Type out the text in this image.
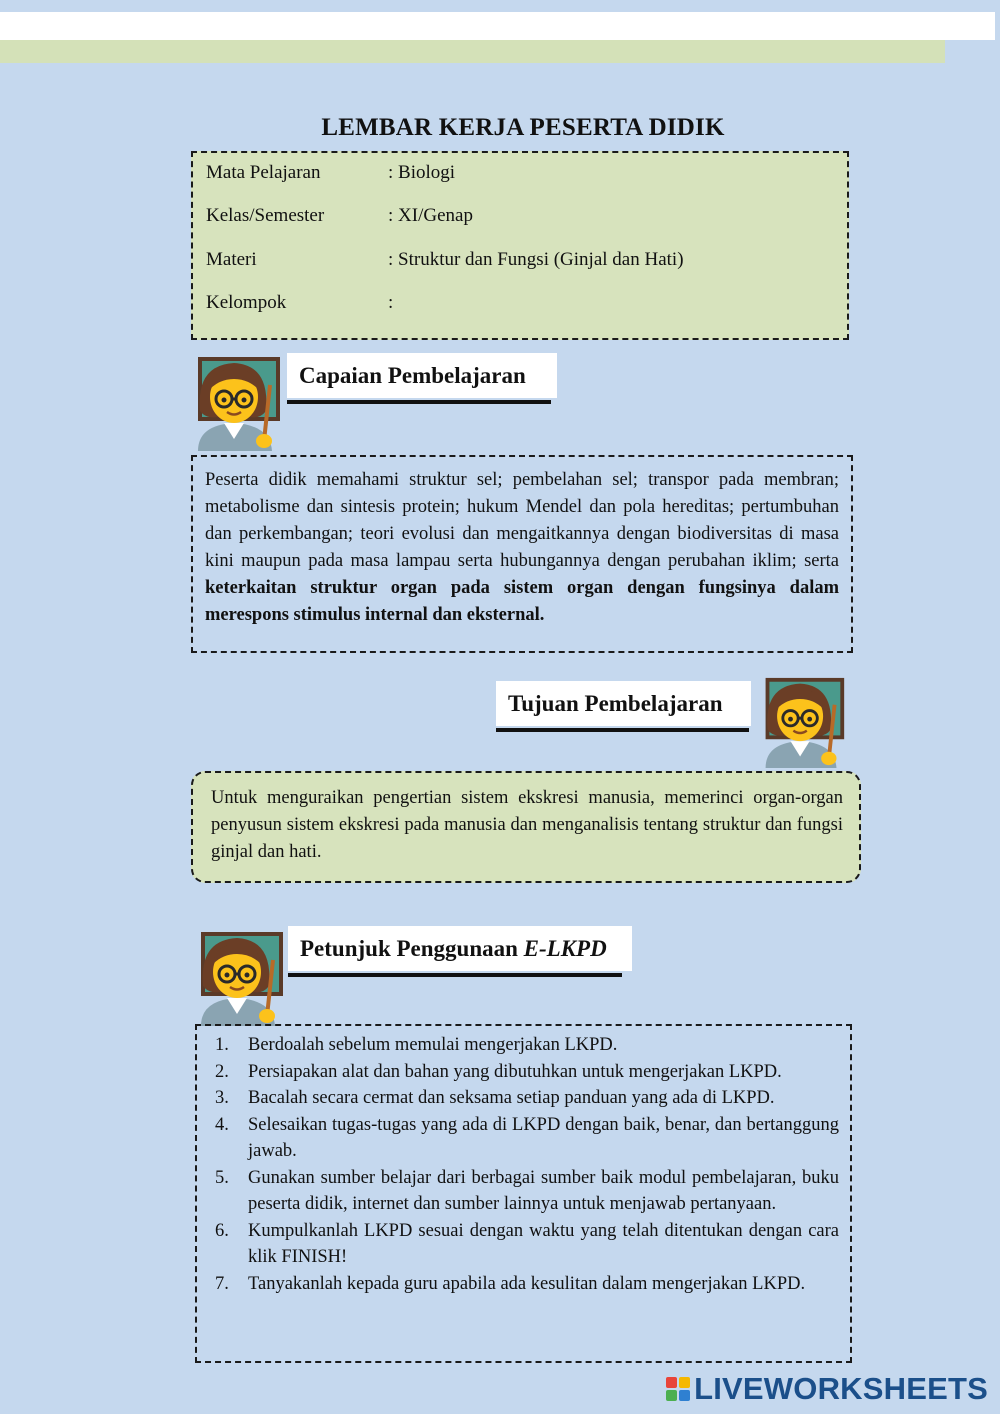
LEMBAR KERJA PESERTA DIDIK
Mata Pelajaran	: Biologi
Kelas/Semester	: XI/Genap
Materi	: Struktur dan Fungsi (Ginjal dan Hati)
Kelompok	:
Capaian Pembelajaran
Peserta didik memahami struktur sel; pembelahan sel; transpor pada membran; metabolisme dan sintesis protein; hukum Mendel dan pola hereditas; pertumbuhan dan perkembangan; teori evolusi dan mengaitkannya dengan biodiversitas di masa kini maupun pada masa lampau serta hubungannya dengan perubahan iklim; serta keterkaitan struktur organ pada sistem organ dengan fungsinya dalam merespons stimulus internal dan eksternal.
Tujuan Pembelajaran
Untuk menguraikan pengertian sistem ekskresi manusia, memerinci organ-organ penyusun sistem ekskresi pada manusia dan menganalisis tentang struktur dan fungsi ginjal dan hati.
Petunjuk Penggunaan E-LKPD
1. Berdoalah sebelum memulai mengerjakan LKPD.
2. Persiapakan alat dan bahan yang dibutuhkan untuk mengerjakan LKPD.
3. Bacalah secara cermat dan seksama setiap panduan yang ada di LKPD.
4. Selesaikan tugas-tugas yang ada di LKPD dengan baik, benar, dan bertanggung jawab.
5. Gunakan sumber belajar dari berbagai sumber baik modul pembelajaran, buku peserta didik, internet dan sumber lainnya untuk menjawab pertanyaan.
6. Kumpulkanlah LKPD sesuai dengan waktu yang telah ditentukan dengan cara klik FINISH!
7. Tanyakanlah kepada guru apabila ada kesulitan dalam mengerjakan LKPD.
LIVEWORKSHEETS
